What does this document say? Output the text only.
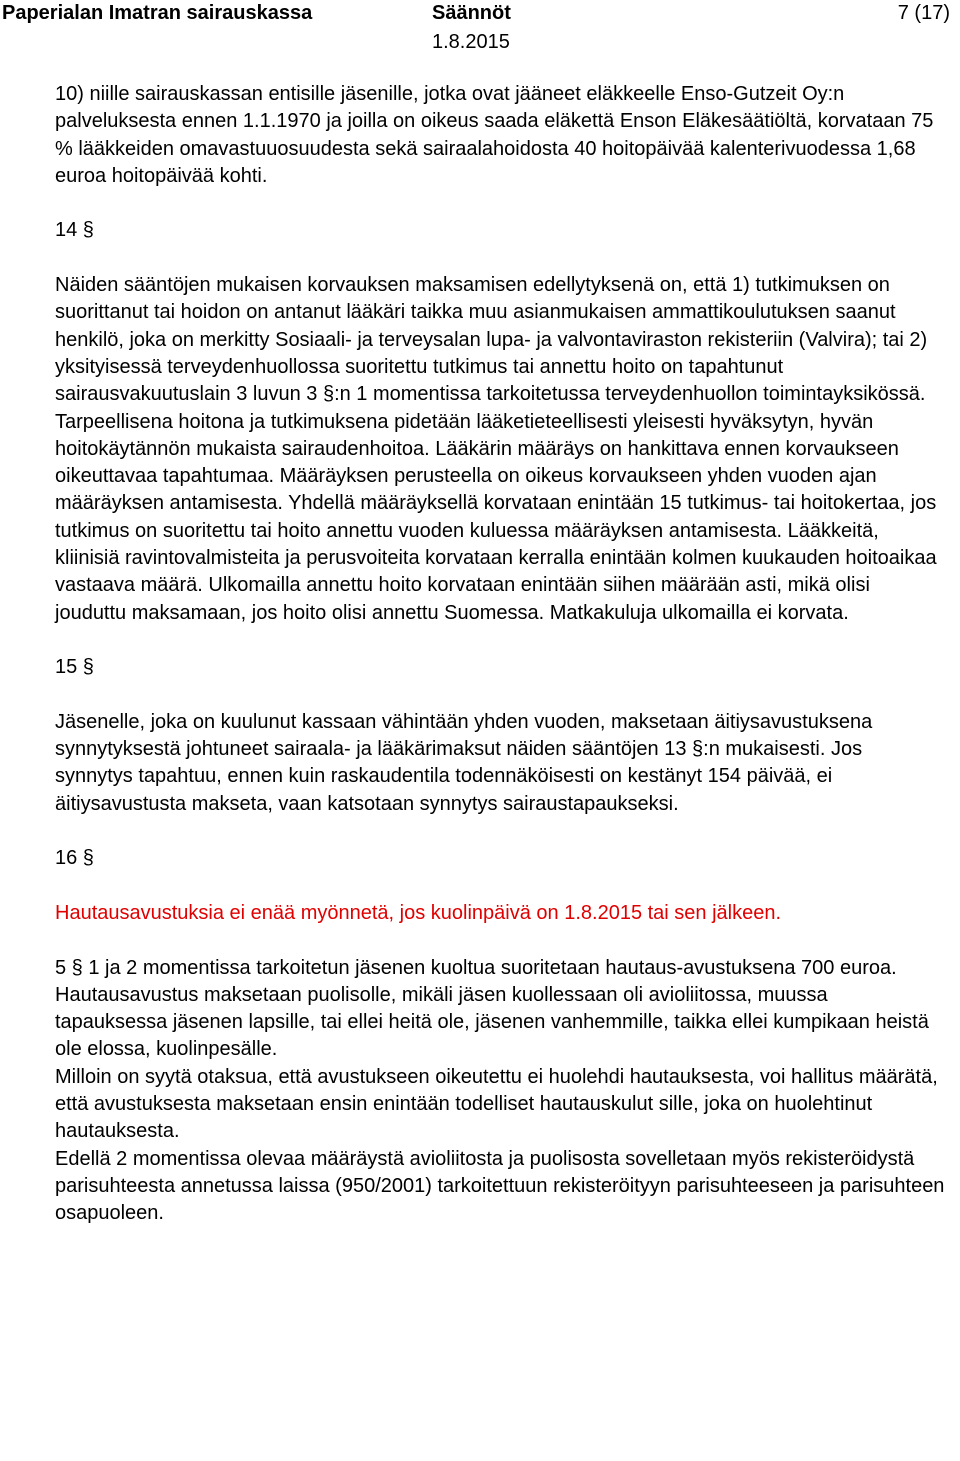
Paperialan Imatran sairauskassa	Säännöt
1.8.2015
7 (17)

10) niille sairauskassan entisille jäsenille, jotka ovat jääneet eläkkeelle Enso-Gutzeit Oy:n palveluksesta ennen 1.1.1970 ja joilla on oikeus saada eläkettä Enson Eläkesäätiöltä, korvataan 75 % lääkkeiden omavastuuosuudesta sekä sairaalahoidosta 40 hoitopäivää kalenterivuodessa 1,68 euroa hoitopäivää kohti.

14 §

Näiden sääntöjen mukaisen korvauksen maksamisen edellytyksenä on, että 1) tutkimuksen on suorittanut tai hoidon on antanut lääkäri taikka muu asianmukaisen ammattikoulutuksen saanut henkilö, joka on merkitty Sosiaali- ja terveysalan lupa- ja valvontaviraston rekisteriin (Valvira); tai 2) yksityisessä terveydenhuollossa suoritettu tutkimus tai annettu hoito on tapahtunut sairausvakuutuslain 3 luvun 3 §:n 1 momentissa tarkoitetussa terveydenhuollon toimintayksikössä. Tarpeellisena hoitona ja tutkimuksena pidetään lääketieteellisesti yleisesti hyväksytyn, hyvän hoitokäytännön mukaista sairaudenhoitoa. Lääkärin määräys on hankittava ennen korvaukseen oikeuttavaa tapahtumaa. Määräyksen perusteella on oikeus korvaukseen yhden vuoden ajan määräyksen antamisesta. Yhdellä määräyksellä korvataan enintään 15 tutkimus- tai hoitokertaa, jos tutkimus on suoritettu tai hoito annettu vuoden kuluessa määräyksen antamisesta. Lääkkeitä, kliinisiä ravintovalmisteita ja perusvoiteita korvataan kerralla enintään kolmen kuukauden hoitoaikaa vastaava määrä. Ulkomailla annettu hoito korvataan enintään siihen määrään asti, mikä olisi jouduttu maksamaan, jos hoito olisi annettu Suomessa. Matkakuluja ulkomailla ei korvata.

15 §

Jäsenelle, joka on kuulunut kassaan vähintään yhden vuoden, maksetaan äitiysavustuksena synnytyksestä johtuneet sairaala- ja lääkärimaksut näiden sääntöjen 13 §:n mukaisesti. Jos synnytys tapahtuu, ennen kuin raskaudentila todennäköisesti on kestänyt 154 päivää, ei äitiysavustusta makseta, vaan katsotaan synnytys sairaustapaukseksi.

16 §

Hautausavustuksia ei enää myönnetä, jos kuolinpäivä on 1.8.2015 tai sen jälkeen.

5 § 1 ja 2 momentissa tarkoitetun jäsenen kuoltua suoritetaan hautaus-avustuksena 700 euroa. Hautausavustus maksetaan puolisolle, mikäli jäsen kuollessaan oli avioliitossa, muussa tapauksessa jäsenen lapsille, tai ellei heitä ole, jäsenen vanhemmille, taikka ellei kumpikaan heistä ole elossa, kuolinpesälle.

Milloin on syytä otaksua, että avustukseen oikeutettu ei huolehdi hautauksesta, voi hallitus määrätä, että avustuksesta maksetaan ensin enintään todelliset hautauskulut sille, joka on huolehtinut hautauksesta.

Edellä 2 momentissa olevaa määräystä avioliitosta ja puolisosta sovelletaan myös rekisteröidystä parisuhteesta annetussa laissa (950/2001) tarkoitettuun rekisteröityyn parisuhteeseen ja parisuhteen osapuoleen.
